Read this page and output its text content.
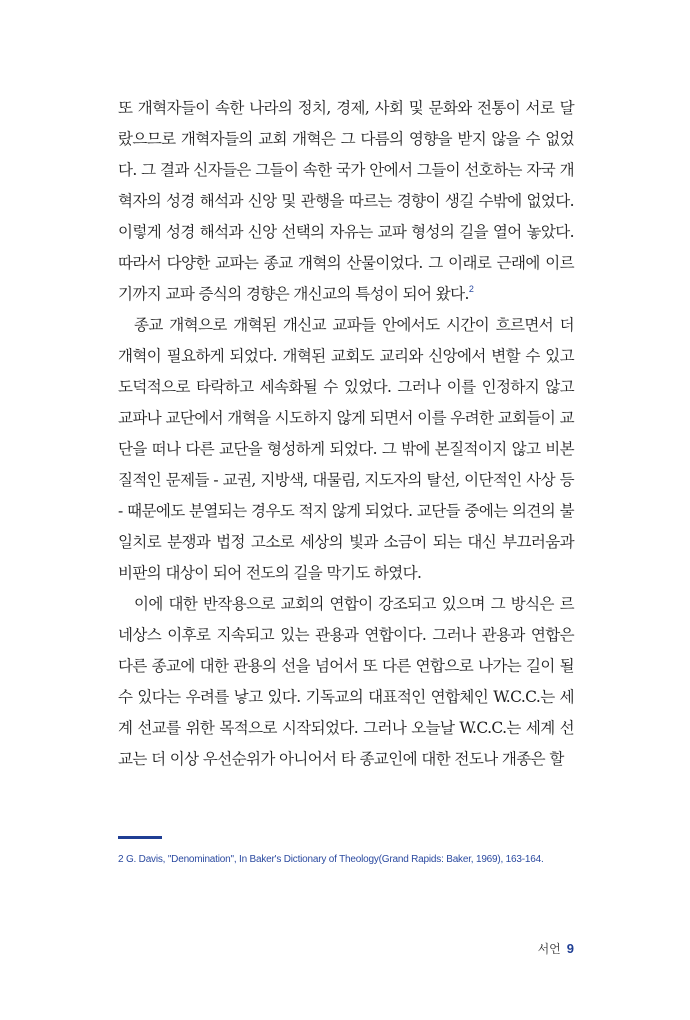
또 개혁자들이 속한 나라의 정치, 경제, 사회 및 문화와 전통이 서로 달랐으므로 개혁자들의 교회 개혁은 그 다름의 영향을 받지 않을 수 없었다. 그 결과 신자들은 그들이 속한 국가 안에서 그들이 선호하는 자국 개혁자의 성경 해석과 신앙 및 관행을 따르는 경향이 생길 수밖에 없었다. 이렇게 성경 해석과 신앙 선택의 자유는 교파 형성의 길을 열어 놓았다. 따라서 다양한 교파는 종교 개혁의 산물이었다. 그 이래로 근래에 이르기까지 교파 증식의 경향은 개신교의 특성이 되어 왔다.$^2$

종교 개혁으로 개혁된 개신교 교파들 안에서도 시간이 흐르면서 더 개혁이 필요하게 되었다. 개혁된 교회도 교리와 신앙에서 변할 수 있고 도덕적으로 타락하고 세속화될 수 있었다. 그러나 이를 인정하지 않고 교파나 교단에서 개혁을 시도하지 않게 되면서 이를 우려한 교회들이 교단을 떠나 다른 교단을 형성하게 되었다. 그 밖에 본질적이지 않고 비본질적인 문제들 - 교권, 지방색, 대물림, 지도자의 탈선, 이단적인 사상 등 - 때문에도 분열되는 경우도 적지 않게 되었다. 교단들 중에는 의견의 불일치로 분쟁과 법정 고소로 세상의 빛과 소금이 되는 대신 부끄러움과 비판의 대상이 되어 전도의 길을 막기도 하였다.

이에 대한 반작용으로 교회의 연합이 강조되고 있으며 그 방식은 르네상스 이후로 지속되고 있는 관용과 연합이다. 그러나 관용과 연합은 다른 종교에 대한 관용의 선을 넘어서 또 다른 연합으로 나가는 길이 될 수 있다는 우려를 낳고 있다. 기독교의 대표적인 연합체인 W.C.C.는 세계 선교를 위한 목적으로 시작되었다. 그러나 오늘날 W.C.C.는 세계 선교는 더 이상 우선순위가 아니어서 타 종교인에 대한 전도나 개종은 할

2 G. Davis, "Denomination", In Baker's Dictionary of Theology(Grand Rapids: Baker, 1969), 163-164.
서언 9
